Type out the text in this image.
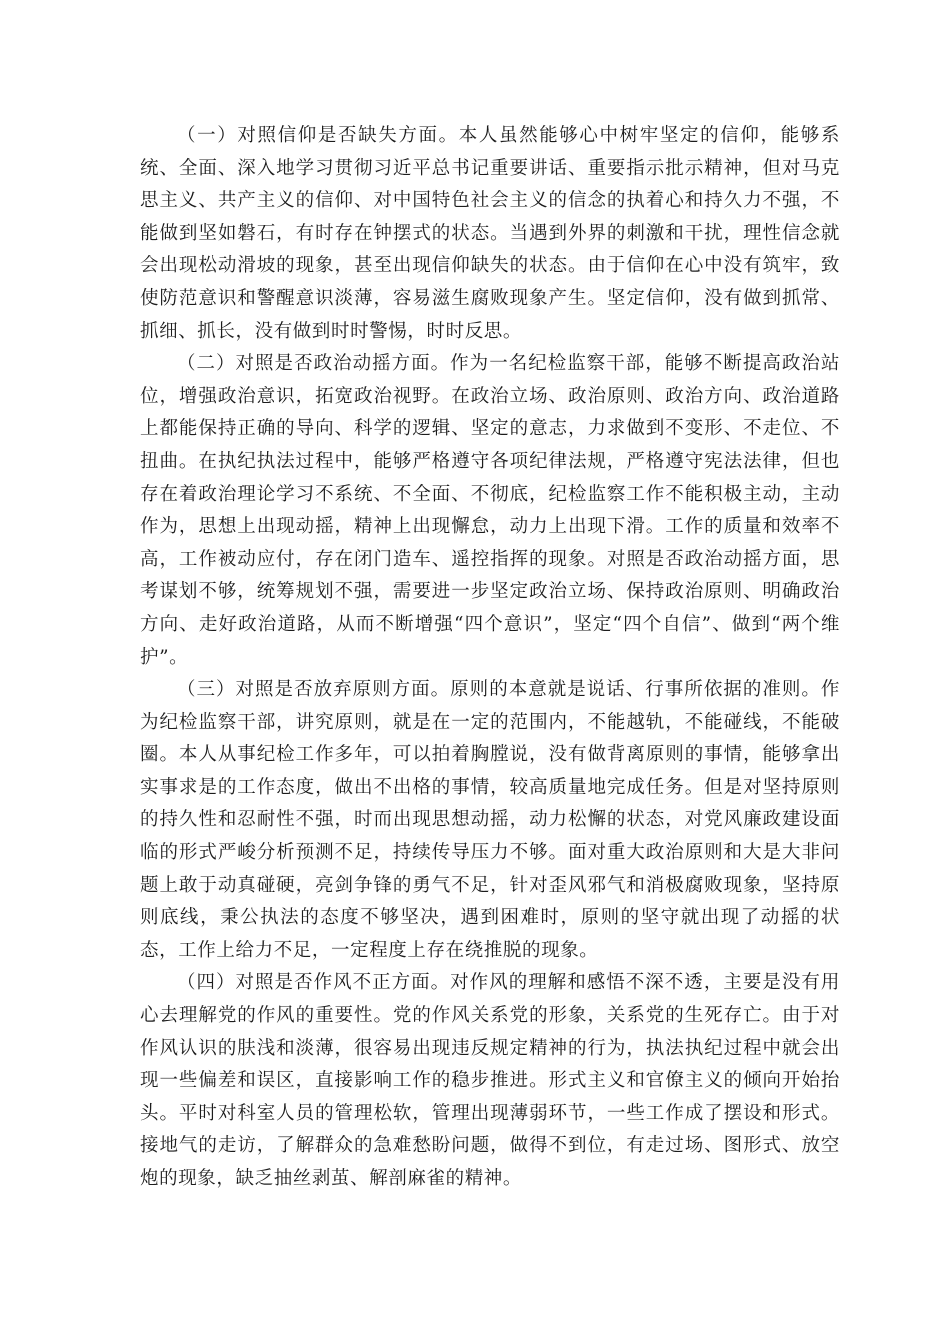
（一）对照信仰是否缺失方面。本人虽然能够心中树牢坚定的信仰，能够系统、全面、深入地学习贯彻习近平总书记重要讲话、重要指示批示精神，但对马克思主义、共产主义的信仰、对中国特色社会主义的信念的执着心和持久力不强，不能做到坚如磐石，有时存在钟摆式的状态。当遇到外界的刺激和干扰，理性信念就会出现松动滑坡的现象，甚至出现信仰缺失的状态。由于信仰在心中没有筑牢，致使防范意识和警醒意识淡薄，容易滋生腐败现象产生。坚定信仰，没有做到抓常、抓细、抓长，没有做到时时警惕，时时反思。

（二）对照是否政治动摇方面。作为一名纪检监察干部，能够不断提高政治站位，增强政治意识，拓宽政治视野。在政治立场、政治原则、政治方向、政治道路上都能保持正确的导向、科学的逻辑、坚定的意志，力求做到不变形、不走位、不扭曲。在执纪执法过程中，能够严格遵守各项纪律法规，严格遵守宪法法律，但也存在着政治理论学习不系统、不全面、不彻底，纪检监察工作不能积极主动，主动作为，思想上出现动摇，精神上出现懈怠，动力上出现下滑。工作的质量和效率不高，工作被动应付，存在闭门造车、遥控指挥的现象。对照是否政治动摇方面，思考谋划不够，统筹规划不强，需要进一步坚定政治立场、保持政治原则、明确政治方向、走好政治道路，从而不断增强“四个意识”，坚定“四个自信”、做到“两个维护”。

（三）对照是否放弃原则方面。原则的本意就是说话、行事所依据的准则。作为纪检监察干部，讲究原则，就是在一定的范围内，不能越轨，不能碰线，不能破圈。本人从事纪检工作多年，可以拍着胸膛说，没有做背离原则的事情，能够拿出实事求是的工作态度，做出不出格的事情，较高质量地完成任务。但是对坚持原则的持久性和忍耐性不强，时而出现思想动摇，动力松懈的状态，对党风廉政建设面临的形式严峻分析预测不足，持续传导压力不够。面对重大政治原则和大是大非问题上敢于动真碰硬，亮剑争锋的勇气不足，针对歪风邪气和消极腐败现象，坚持原则底线，秉公执法的态度不够坚决，遇到困难时，原则的坚守就出现了动摇的状态，工作上给力不足，一定程度上存在绕推脱的现象。

（四）对照是否作风不正方面。对作风的理解和感悟不深不透，主要是没有用心去理解党的作风的重要性。党的作风关系党的形象，关系党的生死存亡。由于对作风认识的肤浅和淡薄，很容易出现违反规定精神的行为，执法执纪过程中就会出现一些偏差和误区，直接影响工作的稳步推进。形式主义和官僚主义的倾向开始抬头。平时对科室人员的管理松软，管理出现薄弱环节，一些工作成了摆设和形式。接地气的走访，了解群众的急难愁盼问题，做得不到位，有走过场、图形式、放空炮的现象，缺乏抽丝剥茧、解剖麻雀的精神。
